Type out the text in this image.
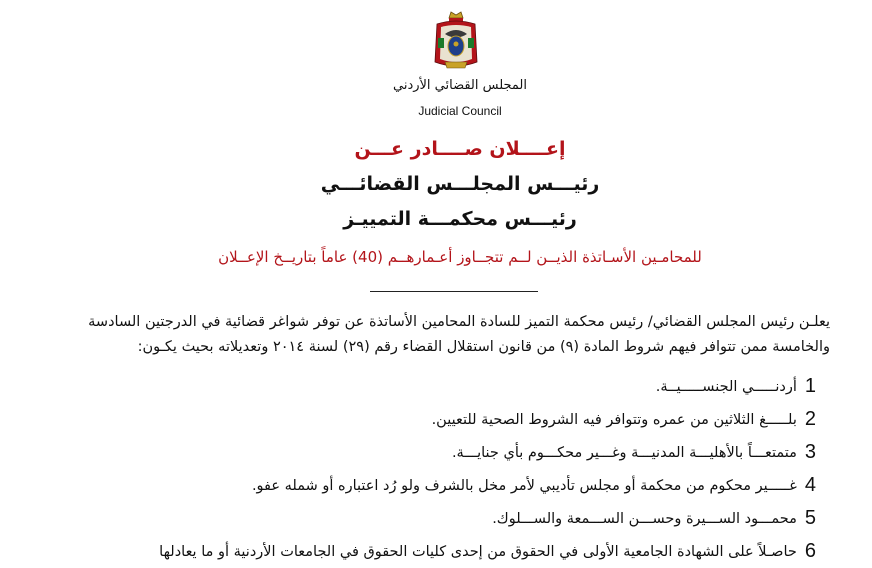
المجلس القضائي الأردني
Judicial Council
إعــــلان صــــادر عـــن
رئيـــس المجلـــس القضائـــي
رئيـــس محكمـــة التمييـز
للمحامـين الأسـاتذة الذيــن لــم تتجــاوز أعـمارهــم (40) عاماً بتاريــخ الإعــلان
يعلـن رئيس المجلس القضائي/ رئيس محكمة التميز للسادة المحامين الأساتذة عن توفر شواغر قضائية في الدرجتين السادسة والخامسة ممن تتوافر فيهم شروط المادة (٩) من قانون استقلال القضاء رقم (٢٩) لسنة ٢٠١٤ وتعديلاته بحيث يكـون:
1
أردنـــــي الجنســـــيــة.
2
بلـــــغ الثلاثين من عمره وتتوافر فيه الشروط الصحية للتعيين.
3
متمتعـــاً بالأهليـــة المدنيـــة وغـــير محكـــوم بأي جنايـــة.
4
غـــــير محكوم من محكمة أو مجلس تأديبي لأمر مخل بالشرف ولو رُد اعتباره أو شمله عفو.
5
محمـــود الســـيرة وحســـن الســـمعة والســـلوك.
6
حاصـلاً على الشهادة الجامعية الأولى في الحقوق من إحدى كليات الحقوق في الجامعات الأردنية أو ما يعادلها
